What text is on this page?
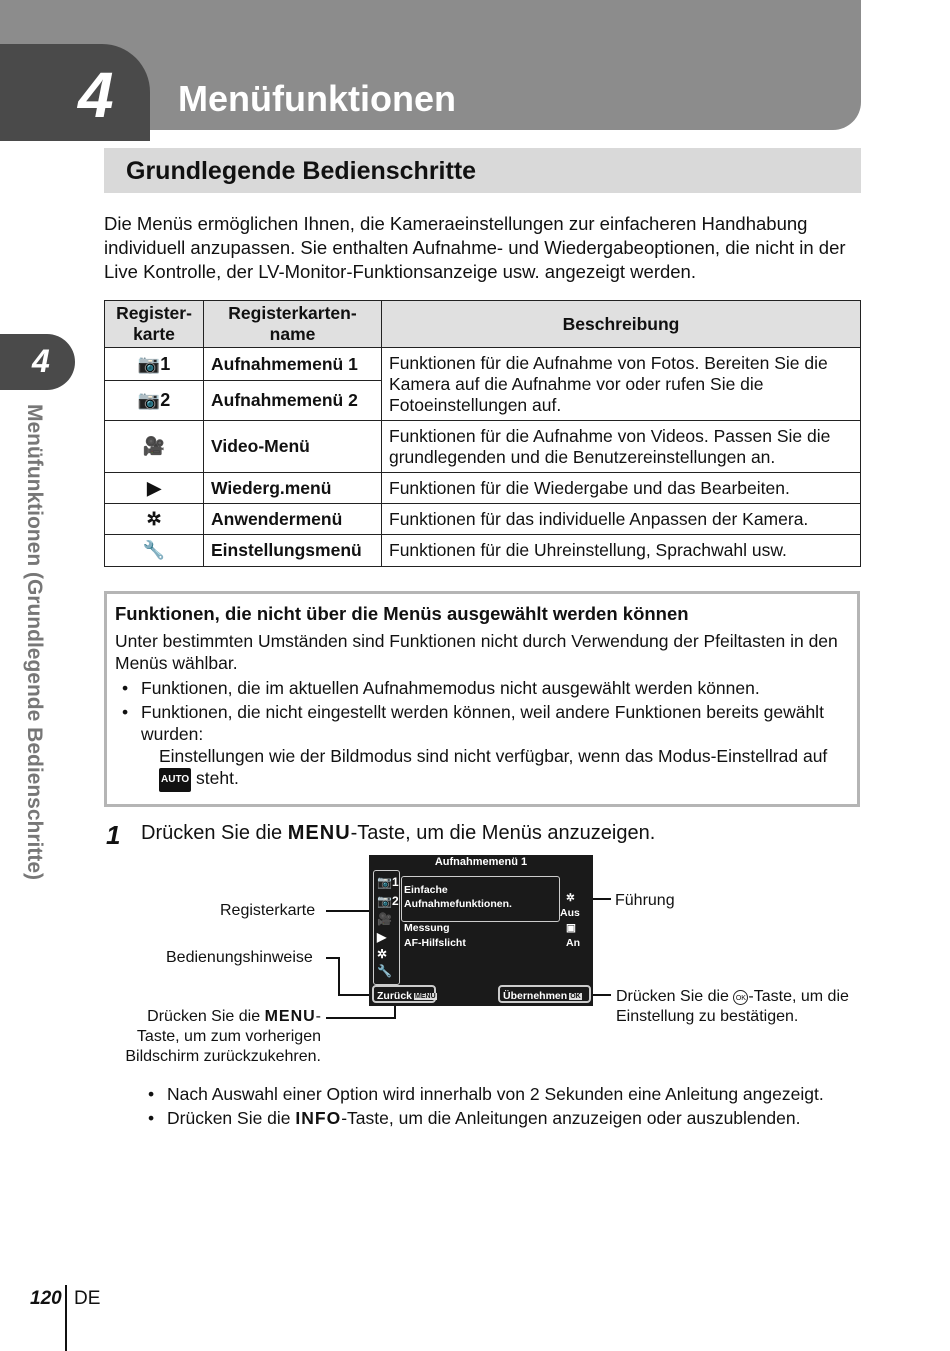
4 Menüfunktionen
Grundlegende Bedienschritte
Die Menüs ermöglichen Ihnen, die Kameraeinstellungen zur einfacheren Handhabung individuell anzupassen. Sie enthalten Aufnahme- und Wiedergabeoptionen, die nicht in der Live Kontrolle, der LV-Monitor-Funktionsanzeige usw. angezeigt werden.
4
Menüfunktionen (Grundlegende Bedienschritte)
Register-karte	Registerkarten-name	Beschreibung
📷1	Aufnahmemenü 1	Funktionen für die Aufnahme von Fotos. Bereiten Sie die Kamera auf die Aufnahme vor oder rufen Sie die Fotoeinstellungen auf.
📷2	Aufnahmemenü 2	
🎥	Video-Menü	Funktionen für die Aufnahme von Videos. Passen Sie die grundlegenden und die Benutzereinstellungen an.
▶	Wiederg.menü	Funktionen für die Wiedergabe und das Bearbeiten.
✲	Anwendermenü	Funktionen für das individuelle Anpassen der Kamera.
🔧	Einstellungsmenü	Funktionen für die Uhreinstellung, Sprachwahl usw.
Funktionen, die nicht über die Menüs ausgewählt werden können
Unter bestimmten Umständen sind Funktionen nicht durch Verwendung der Pfeiltasten in den Menüs wählbar.
• Funktionen, die im aktuellen Aufnahmemodus nicht ausgewählt werden können.
• Funktionen, die nicht eingestellt werden können, weil andere Funktionen bereits gewählt wurden:
Einstellungen wie der Bildmodus sind nicht verfügbar, wenn das Modus-Einstellrad auf AUTO steht.
1 Drücken Sie die MENU-Taste, um die Menüs anzuzeigen.
Aufnahmemenü 1
📷1
📷2
🎥
▶
✲
🔧
Einfache
Aufnahmefunktionen.	✲
Aus
Messung	▣
AF-Hilfslicht	An
Zurück MENU	Übernehmen OK
Registerkarte
Bedienungshinweise
Führung
Drücken Sie die MENU-
Taste, um zum vorherigen
Bildschirm zurückzukehren.
Drücken Sie die OK -Taste, um die
Einstellung zu bestätigen.
• Nach Auswahl einer Option wird innerhalb von 2 Sekunden eine Anleitung angezeigt.
• Drücken Sie die INFO-Taste, um die Anleitungen anzuzeigen oder auszublenden.
120 DE
